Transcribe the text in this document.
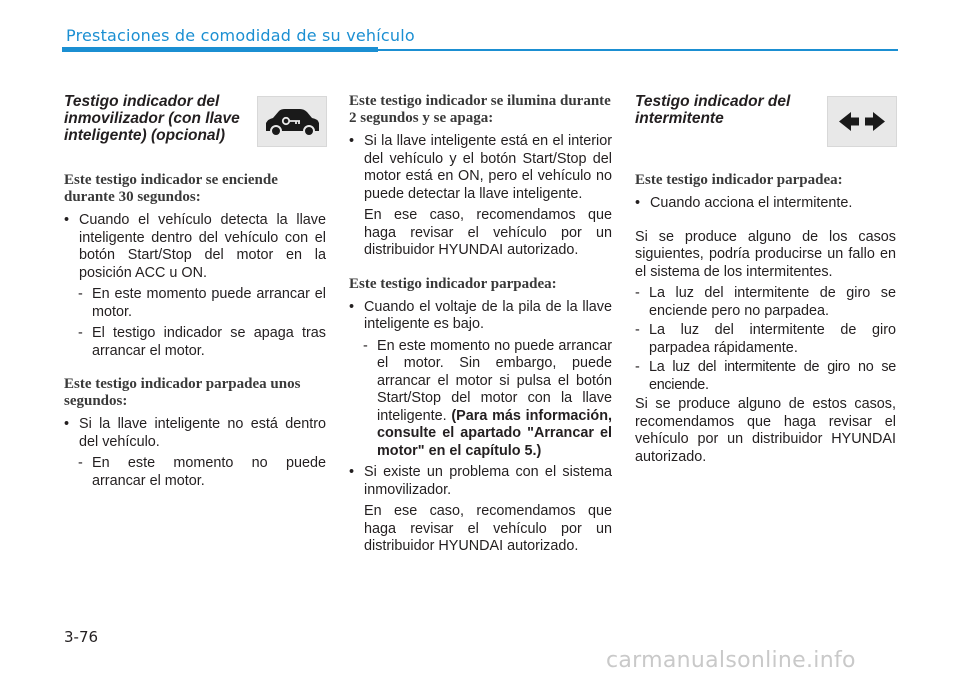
Prestaciones de comodidad de su vehículo
Testigo indicador del inmovilizador (con llave inteligente) (opcional)
Este testigo indicador se enciende durante 30 segundos:
• Cuando el vehículo detecta la llave inteligente dentro del vehículo con el botón Start/Stop del motor en la posición ACC u ON.
- En este momento puede arrancar el motor.
- El testigo indicador se apaga tras arrancar el motor.
Este testigo indicador parpadea unos segundos:
• Si la llave inteligente no está dentro del vehículo.
- En este momento no puede arrancar el motor.
Este testigo indicador se ilumina durante 2 segundos y se apaga:
• Si la llave inteligente está en el interior del vehículo y el botón Start/Stop del motor está en ON, pero el vehículo no puede detectar la llave inteligente.
En ese caso, recomendamos que haga revisar el vehículo por un distribuidor HYUNDAI autorizado.
Este testigo indicador parpadea:
• Cuando el voltaje de la pila de la llave inteligente es bajo.
- En este momento no puede arrancar el motor. Sin embargo, puede arrancar el motor si pulsa el botón Start/Stop del motor con la llave inteligente. (Para más información, consulte el apartado "Arrancar el motor" en el capítulo 5.)
• Si existe un problema con el sistema inmovilizador.
En ese caso, recomendamos que haga revisar el vehículo por un distribuidor HYUNDAI autorizado.
Testigo indicador del intermitente
Este testigo indicador parpadea:
• Cuando acciona el intermitente.
Si se produce alguno de los casos siguientes, podría producirse un fallo en el sistema de los intermitentes.
- La luz del intermitente de giro se enciende pero no parpadea.
- La luz del intermitente de giro parpadea rápidamente.
- La luz del intermitente de giro no se enciende.
Si se produce alguno de estos casos, recomendamos que haga revisar el vehículo por un distribuidor HYUNDAI autorizado.
3-76
carmanualsonline.info
